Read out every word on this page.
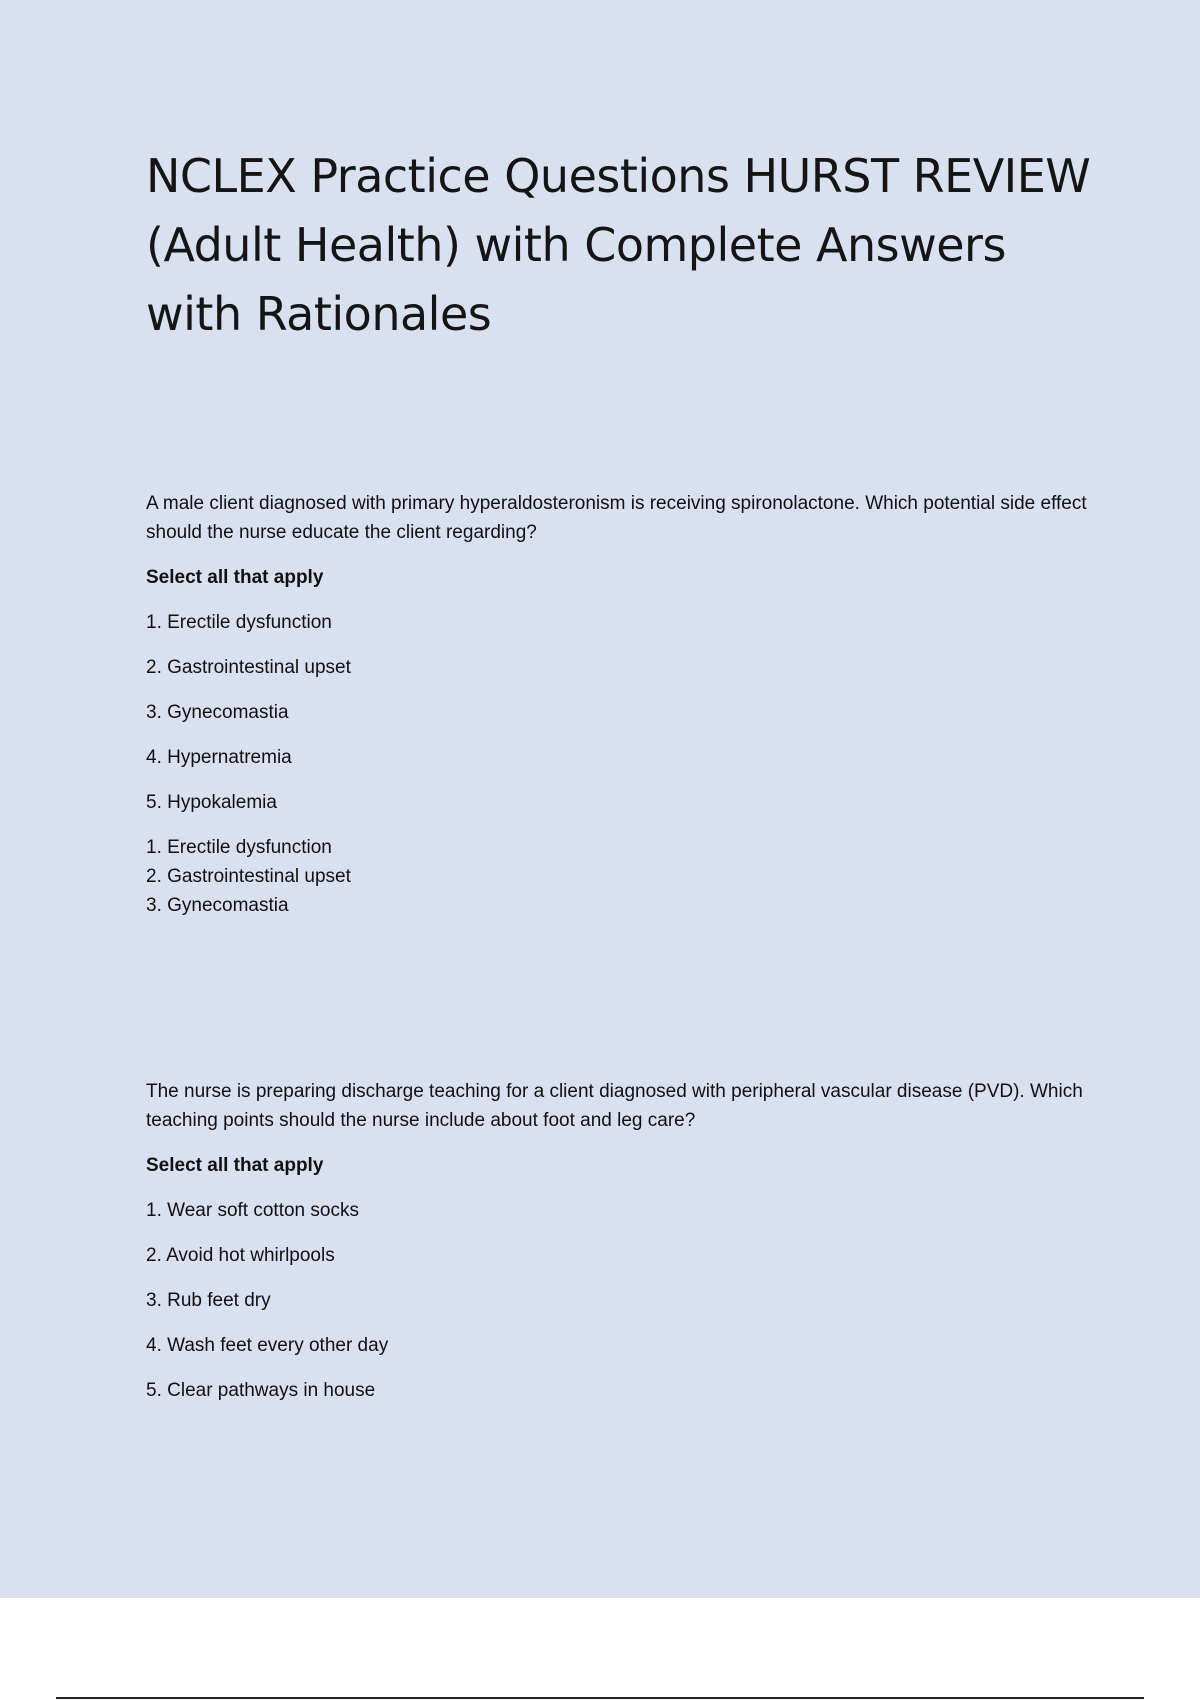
NCLEX Practice Questions HURST REVIEW (Adult Health) with Complete Answers with Rationales

A male client diagnosed with primary hyperaldosteronism is receiving spironolactone. Which potential side effect should the nurse educate the client regarding?

Select all that apply

1. Erectile dysfunction

2. Gastrointestinal upset

3. Gynecomastia

4. Hypernatremia

5. Hypokalemia

1. Erectile dysfunction

2. Gastrointestinal upset

3. Gynecomastia

The nurse is preparing discharge teaching for a client diagnosed with peripheral vascular disease (PVD). Which teaching points should the nurse include about foot and leg care?

Select all that apply

1. Wear soft cotton socks

2. Avoid hot whirlpools

3. Rub feet dry

4. Wash feet every other day

5. Clear pathways in house
